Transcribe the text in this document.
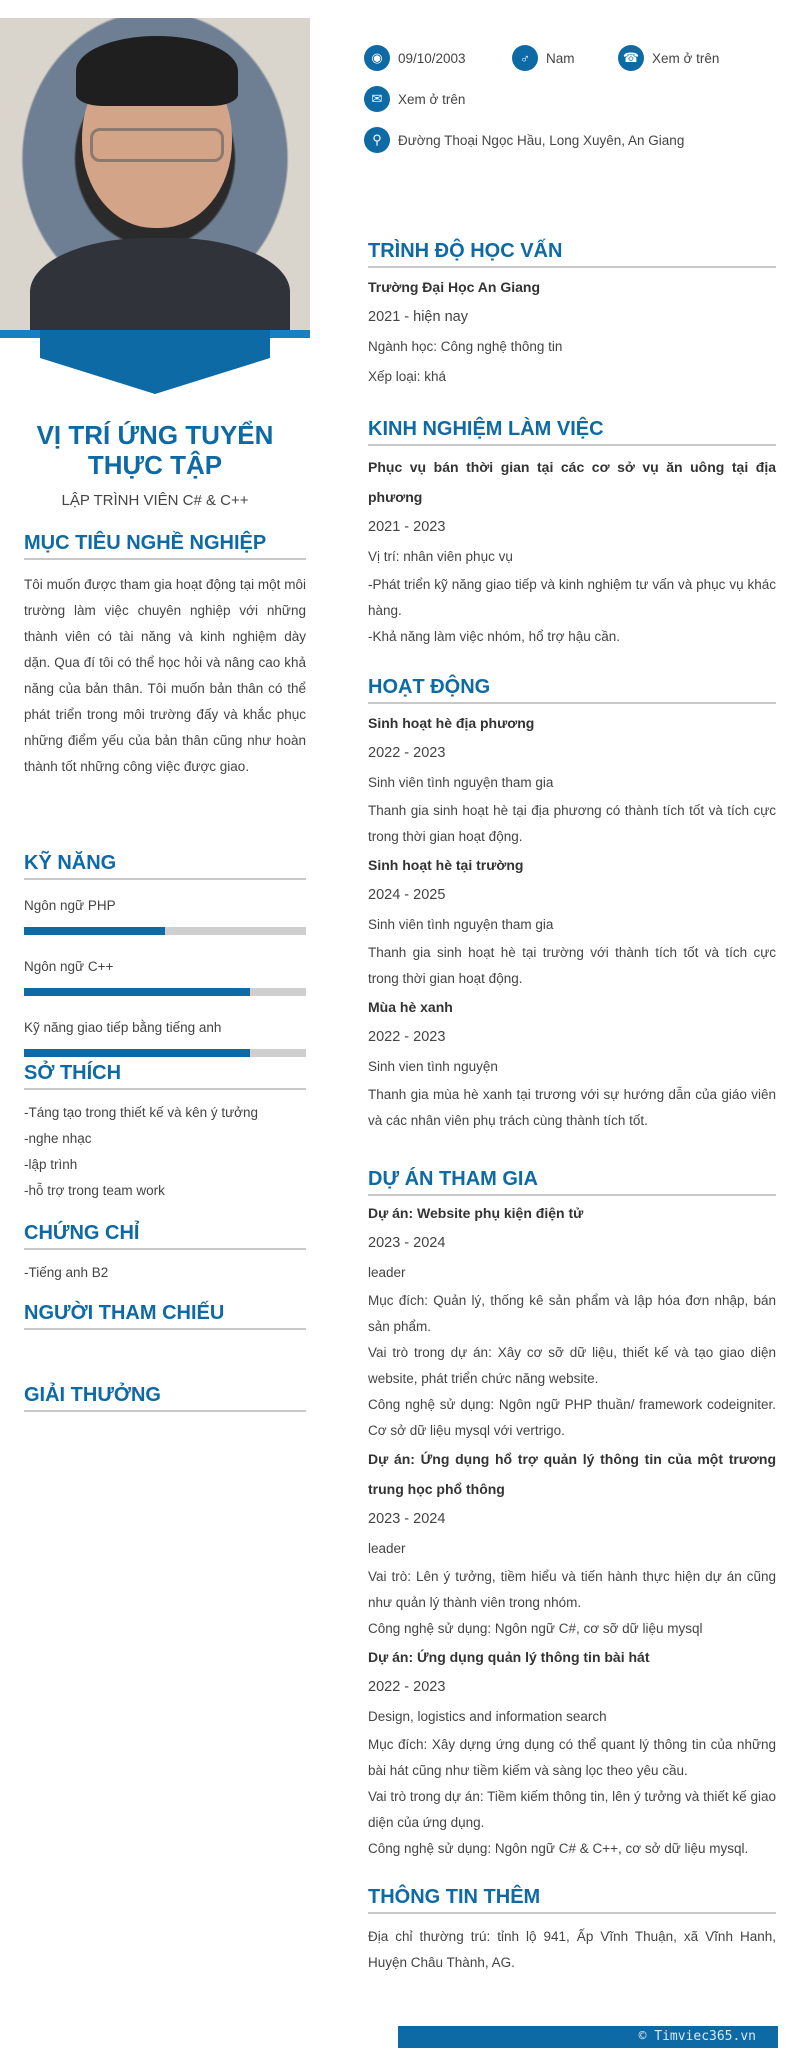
VỊ TRÍ ỨNG TUYỂN THỰC TẬP

LẬP TRÌNH VIÊN C# & C++
MỤC TIÊU NGHỀ NGHIỆP
Tôi muốn được tham gia hoạt động tại một môi trường làm việc chuyên nghiệp với những thành viên có tài năng và kinh nghiệm dày dặn. Qua đí tôi có thể học hỏi và nâng cao khả năng của bản thân. Tôi muốn bản thân có thể phát triển trong môi trường đấy và khắc phục những điểm yếu của bản thân cũng như hoàn thành tốt những công việc được giao.
KỸ NĂNG
Ngôn ngữ PHP
Ngôn ngữ C++
Kỹ năng giao tiếp bằng tiếng anh
SỞ THÍCH
-Táng tạo trong thiết kế và kên ý tưởng
-nghe nhạc
-lập trình
-hỗ trợ trong team work
CHỨNG CHỈ
-Tiếng anh B2
NGƯỜI THAM CHIẾU
GIẢI THƯỞNG
◉	09/10/2003	♂	Nam	☎ Xem ở trên
✉	Xem ở trên
⚲	Đường Thoại Ngọc Hầu, Long Xuyên, An Giang
TRÌNH ĐỘ HỌC VẤN
Trường Đại Học An Giang
2021 - hiện nay
Ngành học: Công nghệ thông tin
Xếp loại: khá
KINH NGHIỆM LÀM VIỆC
Phục vụ bán thời gian tại các cơ sở vụ ăn uông tại địa phương
2021 - 2023
Vị trí: nhân viên phục vụ
-Phát triển kỹ năng giao tiếp và kinh nghiệm tư vấn và phục vụ khác hàng.
-Khả năng làm việc nhóm, hổ trợ hậu cần.
HOẠT ĐỘNG
Sinh hoạt hè địa phương
2022 - 2023
Sinh viên tình nguyện tham gia
Thanh gia sinh hoạt hè tại địa phương có thành tích tốt và tích cực trong thời gian hoạt động.
Sinh hoạt hè tại trường
2024 - 2025
Sinh viên tình nguyện tham gia
Thanh gia sinh hoạt hè tại trường với thành tích tốt và tích cực trong thời gian hoạt động.
Mùa hè xanh
2022 - 2023
Sinh vien tình nguyện
Thanh gia mùa hè xanh tại trương với sự hướng dẫn của giáo viên và các nhân viên phụ trách cùng thành tích tốt.
DỰ ÁN THAM GIA
Dự án: Website phụ kiện điện tử
2023 - 2024
leader
Mục đích: Quản lý, thống kê sản phẩm và lập hóa đơn nhập, bán sản phẩm.
Vai trò trong dự án: Xây cơ sỡ dữ liệu, thiết kế và tạo giao diện website, phát triển chức năng website.
Công nghệ sử dụng: Ngôn ngữ PHP thuần/ framework codeigniter. Cơ sở dữ liệu mysql với vertrigo.
Dự án: Ứng dụng hổ trợ quản lý thông tin của một trương trung học phổ thông
2023 - 2024
leader
Vai trò: Lên ý tưởng, tiềm hiểu và tiến hành thực hiện dự án cũng như quản lý thành viên trong nhóm.
Công nghệ sử dụng: Ngôn ngữ C#, cơ sỡ dữ liệu mysql
Dự án: Ứng dụng quản lý thông tin bài hát
2022 - 2023
Design, logistics and information search
Mục đích: Xây dựng ứng dụng có thể quant lý thông tin của những bài hát cũng như tiềm kiếm và sàng lọc theo yêu cầu.
Vai trò trong dự án: Tiềm kiếm thông tin, lên ý tưởng và thiết kế giao diện của ứng dụng.
Công nghệ sử dụng: Ngôn ngữ C# & C++, cơ sở dữ liệu mysql.
THÔNG TIN THÊM
Địa chỉ thường trú: tỉnh lộ 941, Ấp Vĩnh Thuận, xã Vĩnh Hanh, Huyện Châu Thành, AG.
© Timviec365.vn
